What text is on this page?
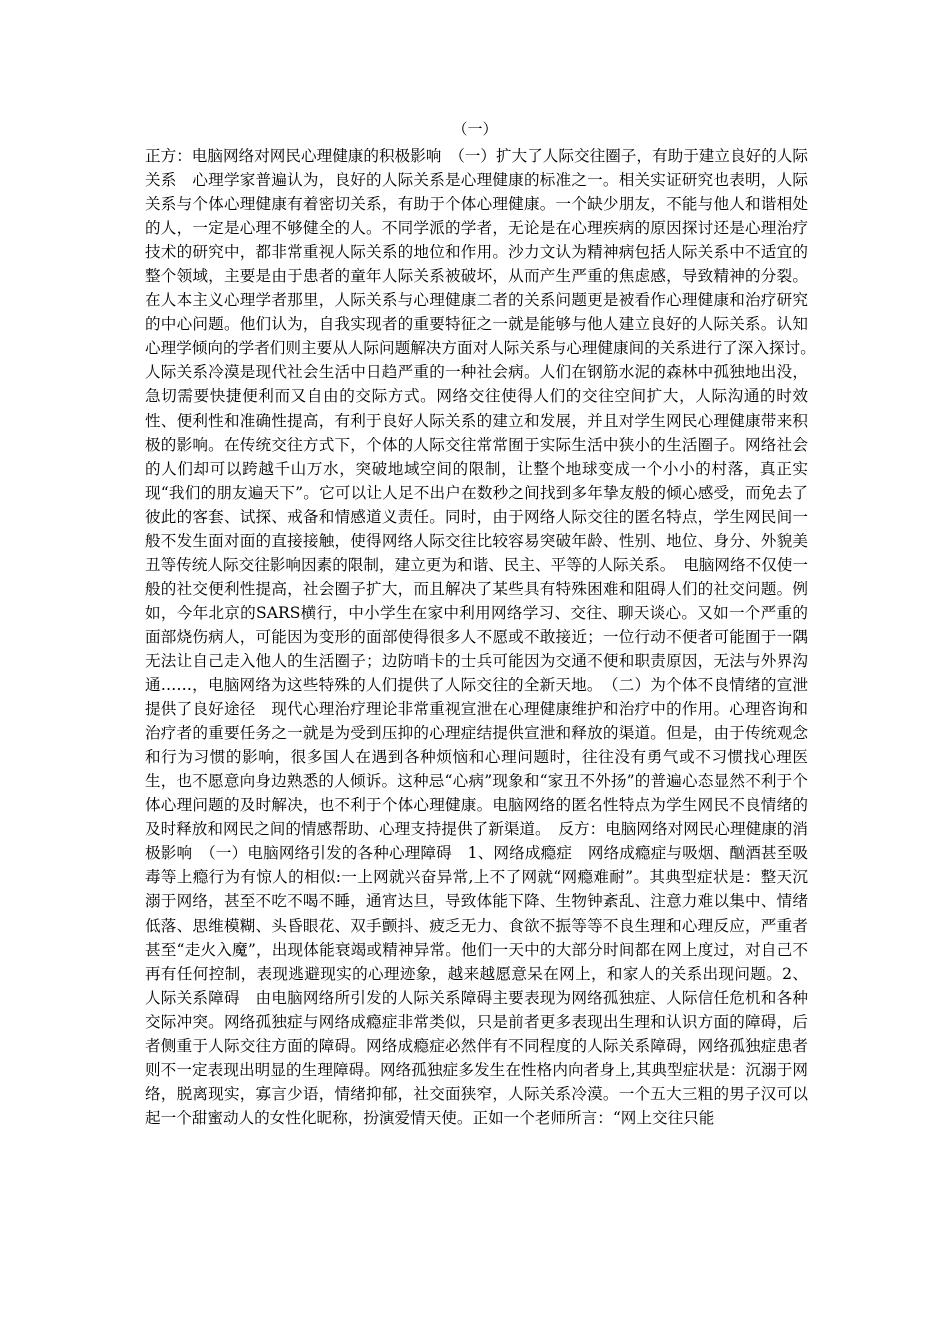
（一）

正方：电脑网络对网民心理健康的积极影响　（一）扩大了人际交往圈子，有助于建立良好的人际关系　心理学家普遍认为，良好的人际关系是心理健康的标准之一。相关实证研究也表明，人际关系与个体心理健康有着密切关系，有助于个体心理健康。一个缺少朋友，不能与他人和谐相处的人，一定是心理不够健全的人。不同学派的学者，无论是在心理疾病的原因探讨还是心理治疗技术的研究中，都非常重视人际关系的地位和作用。沙力文认为精神病包括人际关系中不适宜的整个领域，主要是由于患者的童年人际关系被破坏，从而产生严重的焦虑感，导致精神的分裂。在人本主义心理学者那里，人际关系与心理健康二者的关系问题更是被看作心理健康和治疗研究的中心问题。他们认为，自我实现者的重要特征之一就是能够与他人建立良好的人际关系。认知心理学倾向的学者们则主要从人际问题解决方面对人际关系与心理健康间的关系进行了深入探讨。　人际关系冷漠是现代社会生活中日趋严重的一种社会病。人们在钢筋水泥的森林中孤独地出没，急切需要快捷便利而又自由的交际方式。网络交往使得人们的交往空间扩大，人际沟通的时效性、便利性和准确性提高，有利于良好人际关系的建立和发展，并且对学生网民心理健康带来积极的影响。在传统交往方式下，个体的人际交往常常囿于实际生活中狭小的生活圈子。网络社会的人们却可以跨越千山万水，突破地域空间的限制，让整个地球变成一个小小的村落，真正实现“我们的朋友遍天下”。它可以让人足不出户在数秒之间找到多年挚友般的倾心感受，而免去了彼此的客套、试探、戒备和情感道义责任。同时，由于网络人际交往的匿名特点，学生网民间一般不发生面对面的直接接触，使得网络人际交往比较容易突破年龄、性别、地位、身分、外貌美丑等传统人际交往影响因素的限制，建立更为和谐、民主、平等的人际关系。　电脑网络不仅使一般的社交便利性提高，社会圈子扩大，而且解决了某些具有特殊困难和阻碍人们的社交问题。例如，今年北京的SARS横行，中小学生在家中利用网络学习、交往、聊天谈心。又如一个严重的面部烧伤病人，可能因为变形的面部使得很多人不愿或不敢接近；一位行动不便者可能囿于一隅无法让自己走入他人的生活圈子；边防哨卡的士兵可能因为交通不便和职责原因，无法与外界沟通……，电脑网络为这些特殊的人们提供了人际交往的全新天地。　（二）为个体不良情绪的宣泄提供了良好途径　现代心理治疗理论非常重视宣泄在心理健康维护和治疗中的作用。心理咨询和治疗者的重要任务之一就是为受到压抑的心理症结提供宣泄和释放的渠道。但是，由于传统观念和行为习惯的影响，很多国人在遇到各种烦恼和心理问题时，往往没有勇气或不习惯找心理医生，也不愿意向身边熟悉的人倾诉。这种忌“心病”现象和“家丑不外扬”的普遍心态显然不利于个体心理问题的及时解决，也不利于个体心理健康。电脑网络的匿名性特点为学生网民不良情绪的及时释放和网民之间的情感帮助、心理支持提供了新渠道。　反方：电脑网络对网民心理健康的消极影响　（一）电脑网络引发的各种心理障碍　1、网络成瘾症　网络成瘾症与吸烟、酗酒甚至吸毒等上瘾行为有惊人的相似:一上网就兴奋异常,上不了网就“网瘾难耐”。其典型症状是：整天沉溺于网络，甚至不吃不喝不睡，通宵达旦，导致体能下降、生物钟紊乱、注意力难以集中、情绪低落、思维模糊、头昏眼花、双手颤抖、疲乏无力、食欲不振等等不良生理和心理反应，严重者甚至“走火入魔”，出现体能衰竭或精神异常。他们一天中的大部分时间都在网上度过，对自己不再有任何控制，表现逃避现实的心理迹象，越来越愿意呆在网上，和家人的关系出现问题。2、人际关系障碍　由电脑网络所引发的人际关系障碍主要表现为网络孤独症、人际信任危机和各种交际冲突。网络孤独症与网络成瘾症非常类似，只是前者更多表现出生理和认识方面的障碍，后者侧重于人际交往方面的障碍。网络成瘾症必然伴有不同程度的人际关系障碍，网络孤独症患者则不一定表现出明显的生理障碍。网络孤独症多发生在性格内向者身上,其典型症状是：沉溺于网络，脱离现实，寡言少语，情绪抑郁，社交面狭窄，人际关系冷漠。一个五大三粗的男子汉可以起一个甜蜜动人的女性化昵称，扮演爱情天使。正如一个老师所言：“网上交往只能
